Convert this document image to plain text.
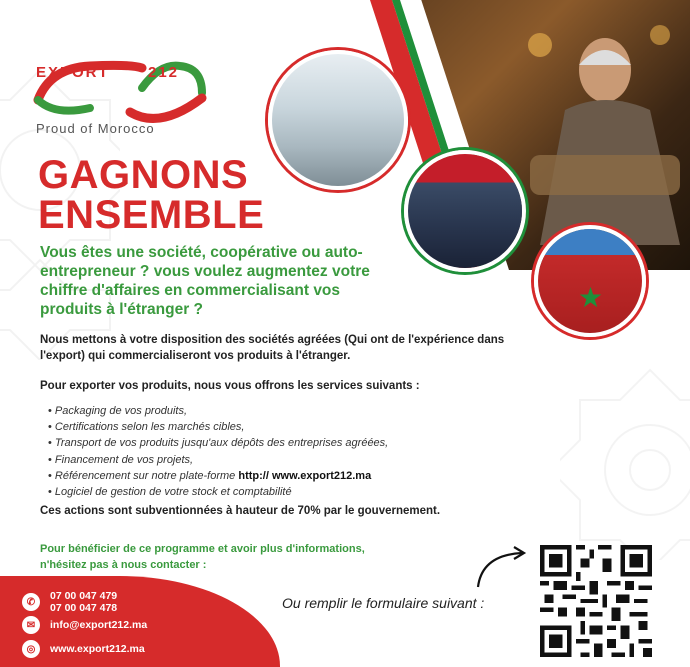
★
EXPORT	212
Proud of Morocco
GAGNONS
ENSEMBLE
Vous êtes une société, coopérative ou auto-entrepreneur ? vous voulez augmentez votre chiffre d'affaires en commercialisant vos produits à l'étranger ?
Nous mettons à votre disposition des sociétés agréées (Qui ont de l'expérience dans l'export) qui commercialiseront vos produits à l'étranger.
Pour exporter vos produits, nous vous offrons les services suivants :
• Packaging de vos produits,
• Certifications selon les marchés cibles,
• Transport de vos produits jusqu'aux dépôts des entreprises agréées,
• Financement de vos projets,
• Référencement sur notre plate-forme http:// www.export212.ma
• Logiciel de gestion de votre stock et comptabilité
Ces actions sont subventionnées à hauteur de 70% par le gouvernement.
Pour bénéficier de ce programme et avoir plus d'informations,
n'hésitez pas à nous contacter :
✆	07 00 047 479
07 00 047 478
✉	info@export212.ma
◎	www.export212.ma
Ou remplir le formulaire suivant :
